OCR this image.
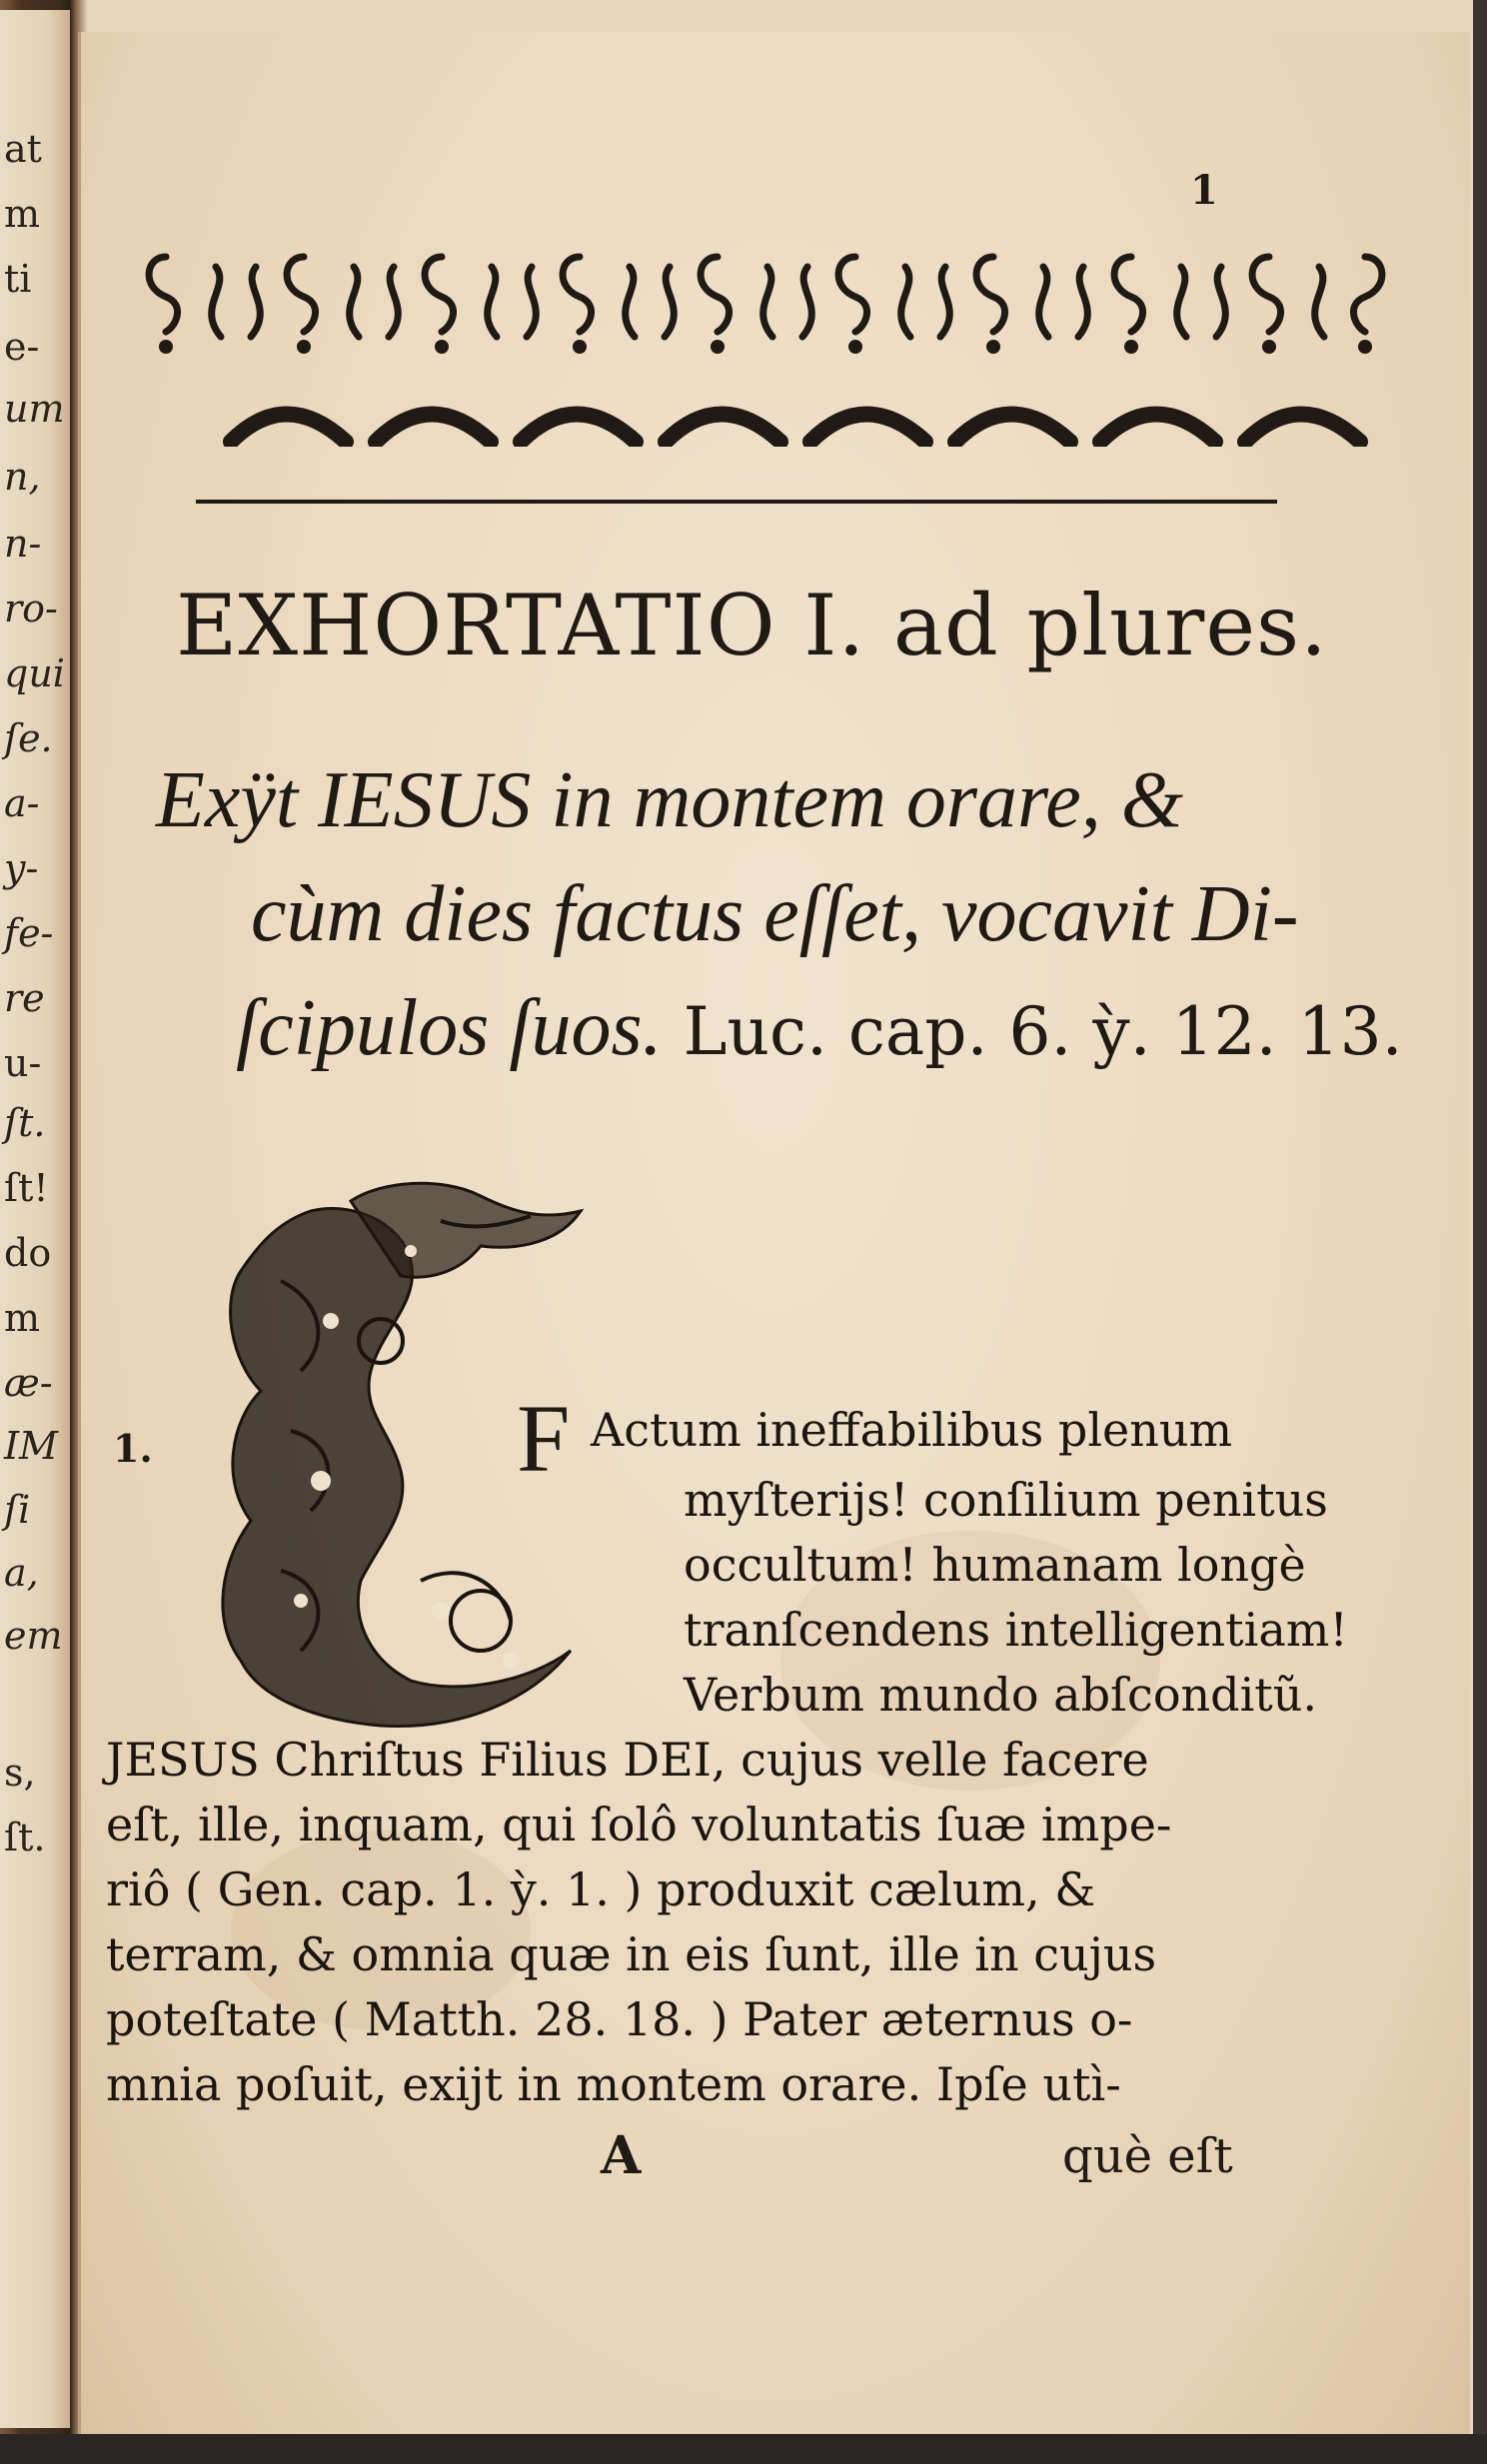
at
m
ti
e-
um
n,
n-
ro-
qui
ſe.
a-
y-
fe-
re
u-
ſt.
ſt!
do
m
æ-
IM
ſi
a,
em
s,
ſt.
1
EXHORTATIO I. ad plures.
Exÿt IESUS in montem orare, &
cùm dies factus eſſet, vocavit Di-
ſcipulos ſuos. Luc. cap. 6. ỳ. 12. 13.
1.	F Actum ineffabilibus plenum
myſterijs! conſilium penitus
occultum! humanam longè
tranſcendens intelligentiam!
Verbum mundo abſconditũ.
JESUS Chriſtus Filius DEI, cujus velle facere
eſt, ille, inquam, qui ſolô voluntatis ſuæ impe-
riô ( Gen. cap. 1. ỳ. 1. ) produxit cælum, &
terram, & omnia quæ in eis ſunt, ille in cujus
poteſtate ( Matth. 28. 18. ) Pater æternus o-
mnia poſuit, exijt in montem orare. Ipſe utì-
A	què eſt
